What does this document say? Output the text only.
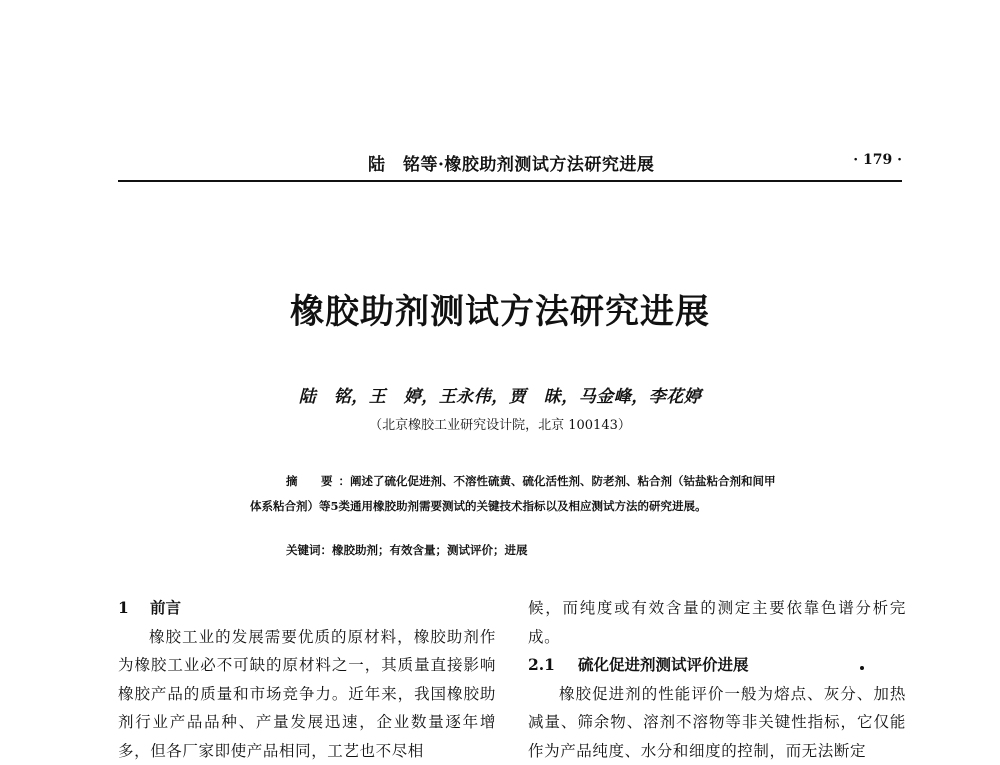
陆　铭等·橡胶助剂测试方法研究进展	· 179 ·
橡胶助剂测试方法研究进展
陆　铭，王　婷，王永伟，贾　昧，马金峰，李花婷
（北京橡胶工业研究设计院，北京 100143）
摘　要：阐述了硫化促进剂、不溶性硫黄、硫化活性剂、防老剂、粘合剂（钴盐粘合剂和间甲体系粘合剂）等5类通用橡胶助剂需要测试的关键技术指标以及相应测试方法的研究进展。
关键词：橡胶助剂；有效含量；测试评价；进展
1 前言
橡胶工业的发展需要优质的原材料，橡胶助剂作为橡胶工业必不可缺的原材料之一，其质量直接影响橡胶产品的质量和市场竞争力。近年来，我国橡胶助剂行业产品品种、产量发展迅速，企业数量逐年增多，但各厂家即使产品相同，工艺也不尽相
候，而纯度或有效含量的测定主要依靠色谱分析完成。
2.1 硫化促进剂测试评价进展
橡胶促进剂的性能评价一般为熔点、灰分、加热减量、筛余物、溶剂不溶物等非关键性指标，它仅能作为产品纯度、水分和细度的控制，而无法断定
